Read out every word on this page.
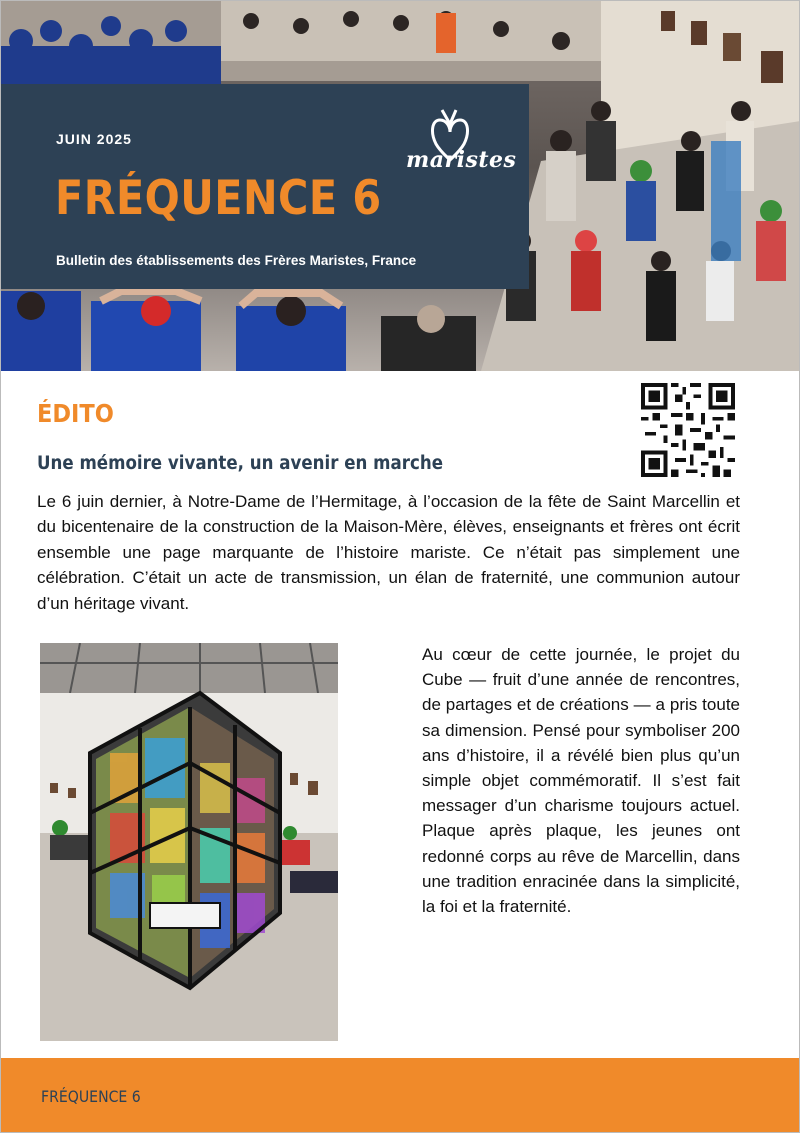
JUIN 2025
FRÉQUENCE 6
Bulletin des établissements des Frères Maristes, France
maristes
ÉDITO
Une mémoire vivante, un avenir en marche

Le 6 juin dernier, à Notre-Dame de l’Hermitage, à l’occasion de la fête de Saint Marcellin et du bicentenaire de la construction de la Maison-Mère, élèves, enseignants et frères ont écrit ensemble une page marquante de l’histoire mariste. Ce n’était pas simplement une célébration. C’était un acte de transmission, un élan de fraternité, une communion autour d’un héritage vivant.

Au cœur de cette journée, le projet du Cube — fruit d’une année de rencontres, de partages et de créations — a pris toute sa dimension. Pensé pour symboliser 200 ans d’histoire, il a révélé bien plus qu’un simple objet commémoratif. Il s’est fait messager d’un charisme toujours actuel. Plaque après plaque, les jeunes ont redonné corps au rêve de Marcellin, dans une tradition enracinée dans la simplicité, la foi et la fraternité.

FRÉQUENCE 6
